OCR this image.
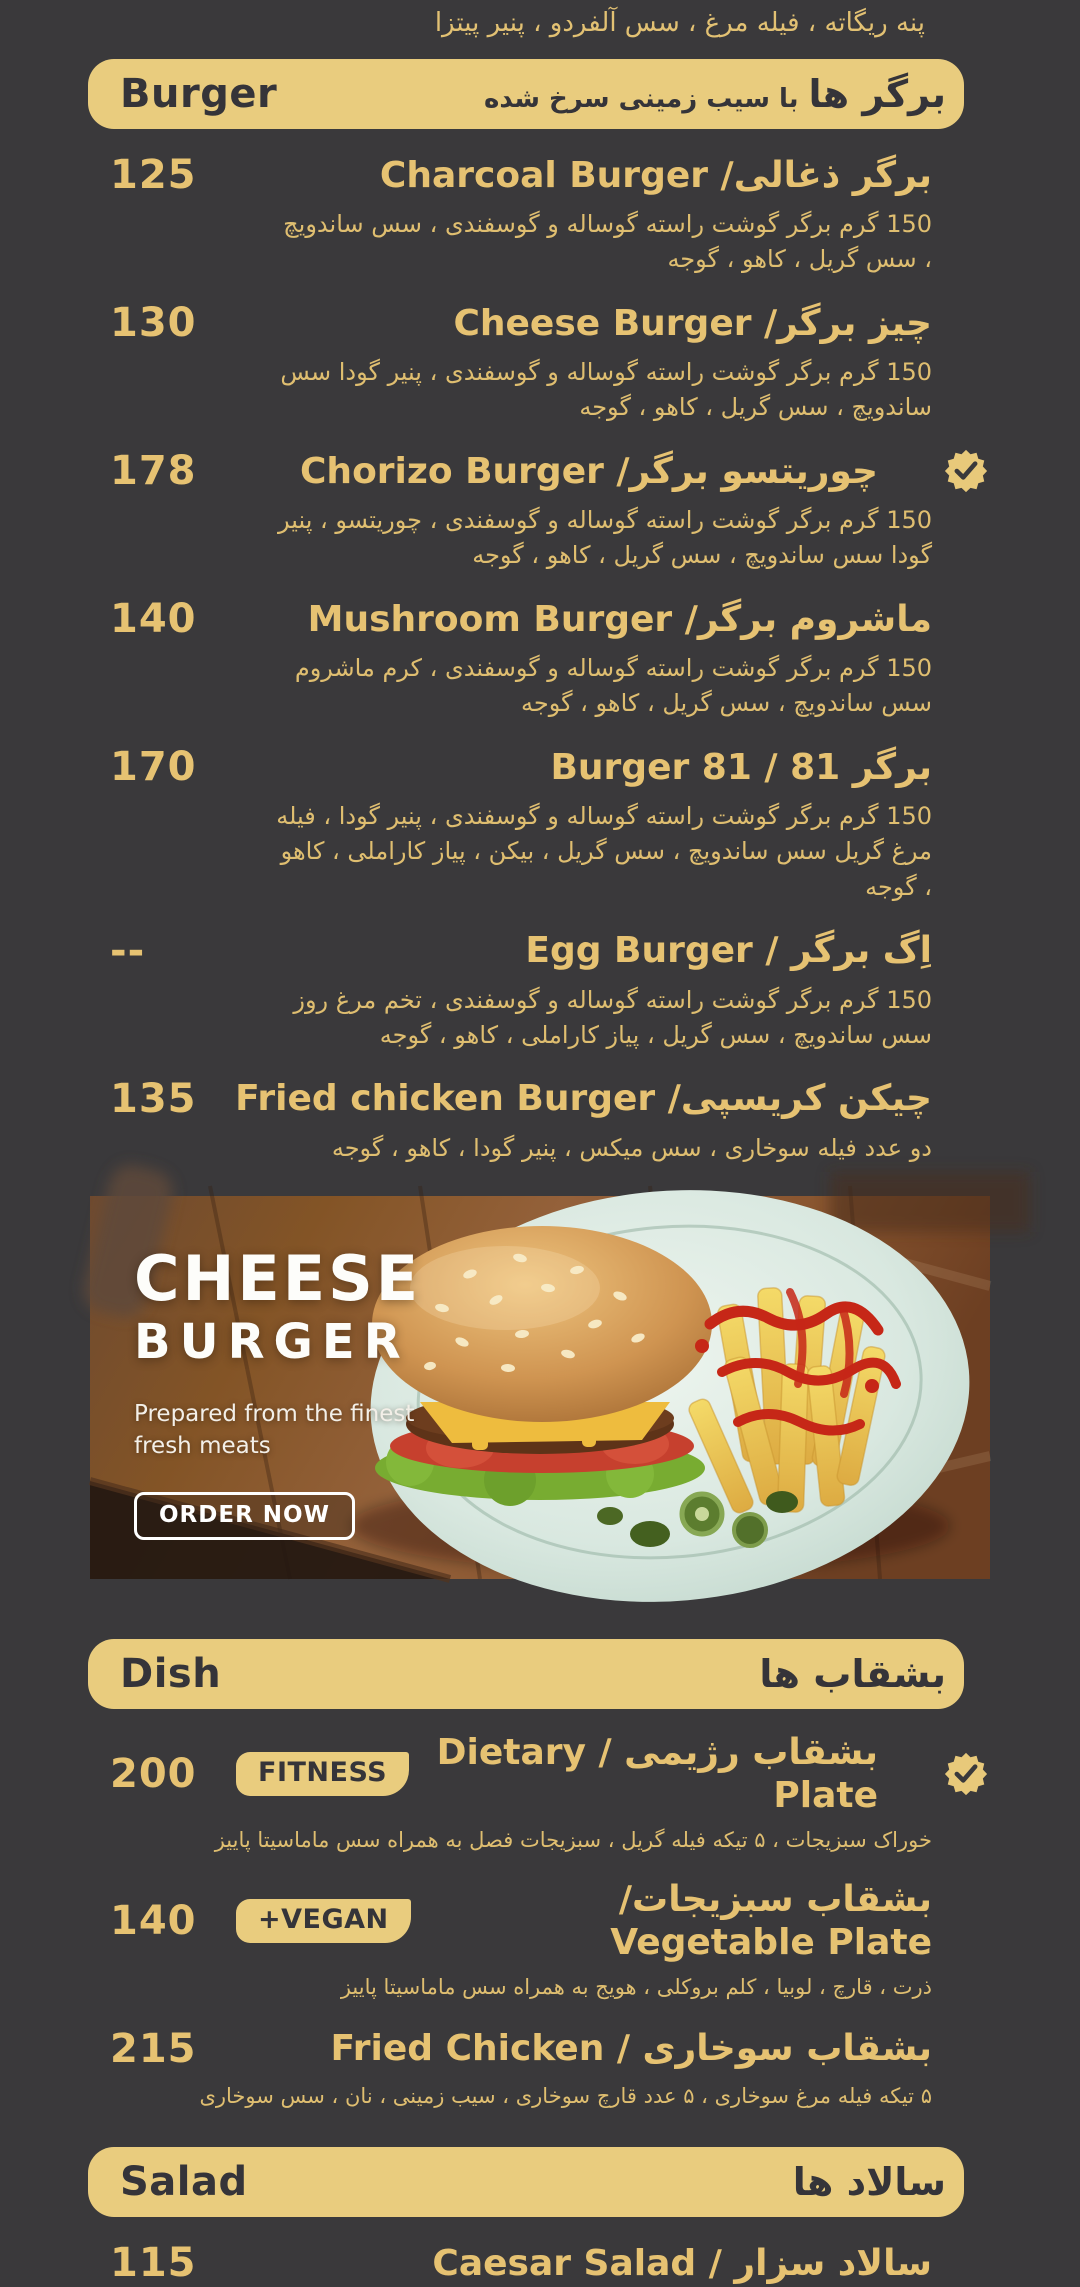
پنه ریگاته ، فیله مرغ ، سس آلفردو ، پنیر پیتزا
Burger	برگر ها
با سیب زمینی سرخ شده
125	برگر ذغالی/ Charcoal Burger
150 گرم برگر گوشت راسته گوساله و گوسفندی ، سس ساندویچ ، سس گریل ، کاهو ، گوجه
130	چیز برگر/ Cheese Burger
150 گرم برگر گوشت راسته گوساله و گوسفندی ، پنیر گودا سس ساندویچ ، سس گریل ، کاهو ، گوجه
178	چوریتسو برگر/ Chorizo Burger
150 گرم برگر گوشت راسته گوساله و گوسفندی ، چوریتسو ، پنیر گودا سس ساندویچ ، سس گریل ، کاهو ، گوجه
140	ماشروم برگر/ Mushroom Burger
150 گرم برگر گوشت راسته گوساله و گوسفندی ، کرم ماشروم سس ساندویچ ، سس گریل ، کاهو ، گوجه
170	برگر 81 / Burger 81
150 گرم برگر گوشت راسته گوساله و گوسفندی ، پنیر گودا ، فیله مرغ گریل سس ساندویچ ، سس گریل ، بیکن ، پیاز کاراملی ، کاهو ، گوجه
--	اِگ برگر / Egg Burger
150 گرم برگر گوشت راسته گوساله و گوسفندی ، تخم مرغ روز سس ساندویچ ، سس گریل ، پیاز کاراملی ، کاهو ، گوجه
135 چیکن کریسپی/ Fried chicken Burger
دو عدد فیله سوخاری ، سس میکس ، پنیر گودا ، کاهو ، گوجه
CHEESE
BURGER
Prepared from the finest
fresh meats
ORDER NOW
Dish	بشقاب ها
200	FITNESS	بشقاب رژیمی / Dietary Plate
خوراک سبزیجات ، ۵ تیکه فیله گریل ، سبزیجات فصل به همراه سس ماماسیتا پاییز
140	+VEGAN	بشقاب سبزیجات/ Vegetable Plate
ذرت ، قارچ ، لوبیا ، کلم بروکلی ، هویج به همراه سس ماماسیتا پاییز
215	بشقاب سوخاری / Fried Chicken
۵ تیکه فیله مرغ سوخاری ، ۵ عدد قارچ سوخاری ، سیب زمینی ، نان ، سس سوخاری
Salad	سالاد ها
115	سالاد سزار / Caesar Salad
